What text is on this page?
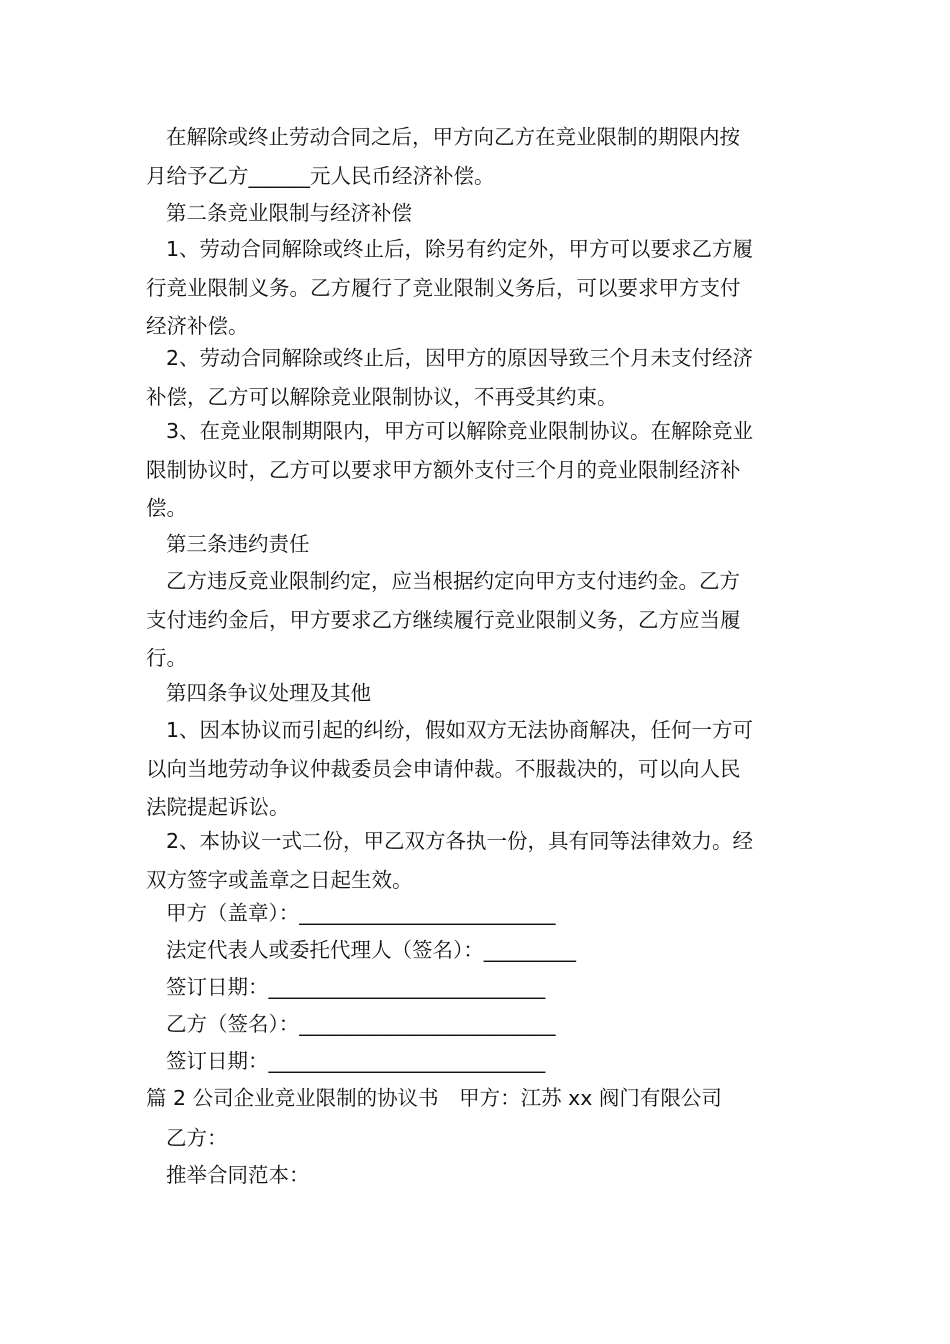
在解除或终止劳动合同之后，甲方向乙方在竞业限制的期限内按
月给予乙方______元人民币经济补偿。

第二条竞业限制与经济补偿

1、劳动合同解除或终止后，除另有约定外，甲方可以要求乙方履
行竞业限制义务。乙方履行了竞业限制义务后，可以要求甲方支付
经济补偿。

2、劳动合同解除或终止后，因甲方的原因导致三个月未支付经济
补偿，乙方可以解除竞业限制协议，不再受其约束。

3、在竞业限制期限内，甲方可以解除竞业限制协议。在解除竞业
限制协议时，乙方可以要求甲方额外支付三个月的竞业限制经济补
偿。

第三条违约责任

乙方违反竞业限制约定，应当根据约定向甲方支付违约金。乙方
支付违约金后，甲方要求乙方继续履行竞业限制义务，乙方应当履
行。

第四条争议处理及其他

1、因本协议而引起的纠纷，假如双方无法协商解决，任何一方可
以向当地劳动争议仲裁委员会申请仲裁。不服裁决的，可以向人民
法院提起诉讼。

2、本协议一式二份，甲乙双方各执一份，具有同等法律效力。经
双方签字或盖章之日起生效。

甲方（盖章）：_________________________

法定代表人或委托代理人（签名）：_________

签订日期：___________________________

乙方（签名）：_________________________

签订日期：___________________________

篇 2 公司企业竞业限制的协议书　甲方：江苏 xx 阀门有限公司

乙方：

推举合同范本：
